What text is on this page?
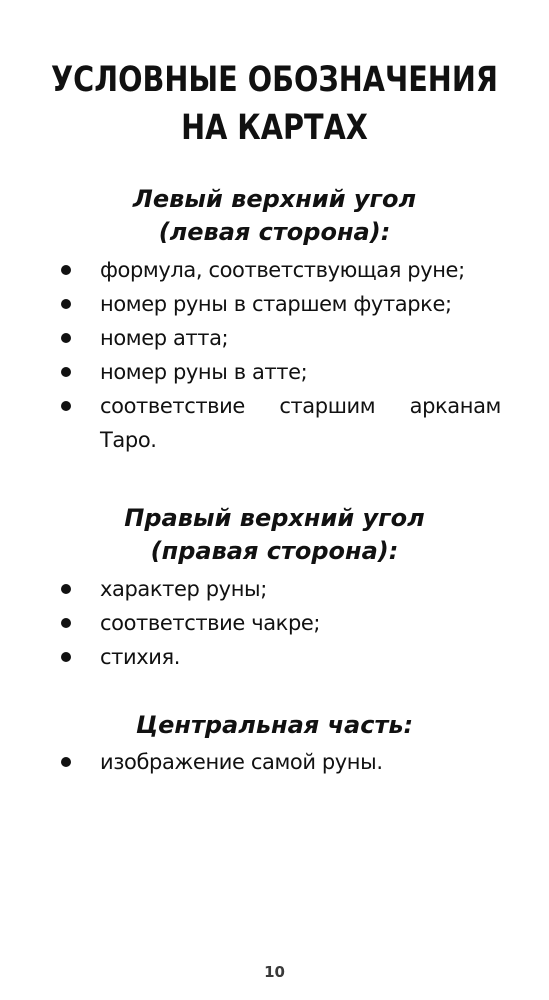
УСЛОВНЫЕ ОБОЗНАЧЕНИЯ
НА КАРТАХ
Левый верхний угол
(левая сторона):
формула, соответствующая руне;
номер руны в старшем футарке;
номер атта;
номер руны в атте;
соответствие старшим арканам Таро.
Правый верхний угол
(правая сторона):
характер руны;
соответствие чакре;
стихия.
Центральная часть:
изображение самой руны.
10
